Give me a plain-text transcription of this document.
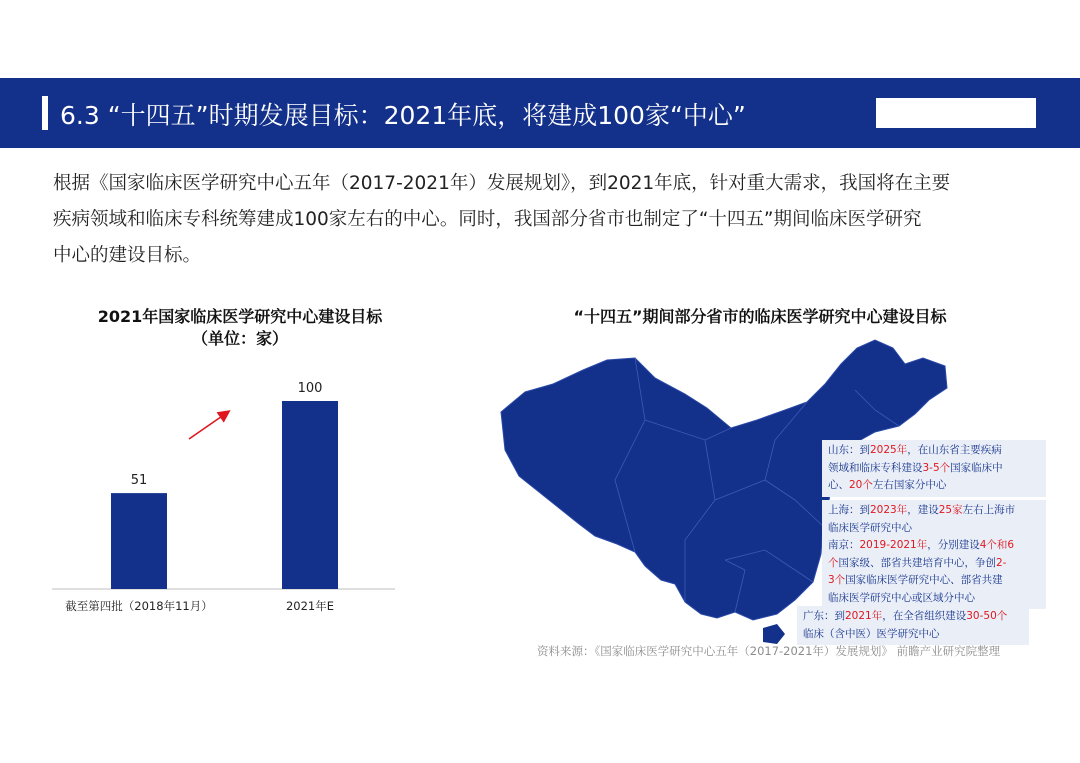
6.3 “十四五”时期发展目标：2021年底，将建成100家“中心”

根据《国家临床医学研究中心五年（2017-2021年）发展规划》，到2021年底，针对重大需求，我国将在主要

疾病领域和临床专科统筹建成100家左右的中心。同时，我国部分省市也制定了“十四五”期间临床医学研究

中心的建设目标。

2021年国家临床医学研究中心建设目标
（单位：家）
51
截至第四批（2018年11月）
100
2021年E
“十四五”期间部分省市的临床医学研究中心建设目标
山东：到2025年，在山东省主要疾病
领域和临床专科建设3-5个国家临床中
心、20个左右国家分中心
上海：到2023年，建设25家左右上海市
临床医学研究中心
南京：2019-2021年，分别建设4个和6
个国家级、部省共建培育中心，争创2-
3个国家临床医学研究中心、部省共建
临床医学研究中心或区域分中心
广东：到2021年，在全省组织建设30-50个
临床（含中医）医学研究中心
资料来源：《国家临床医学研究中心五年（2017-2021年）发展规划》 前瞻产业研究院整理
